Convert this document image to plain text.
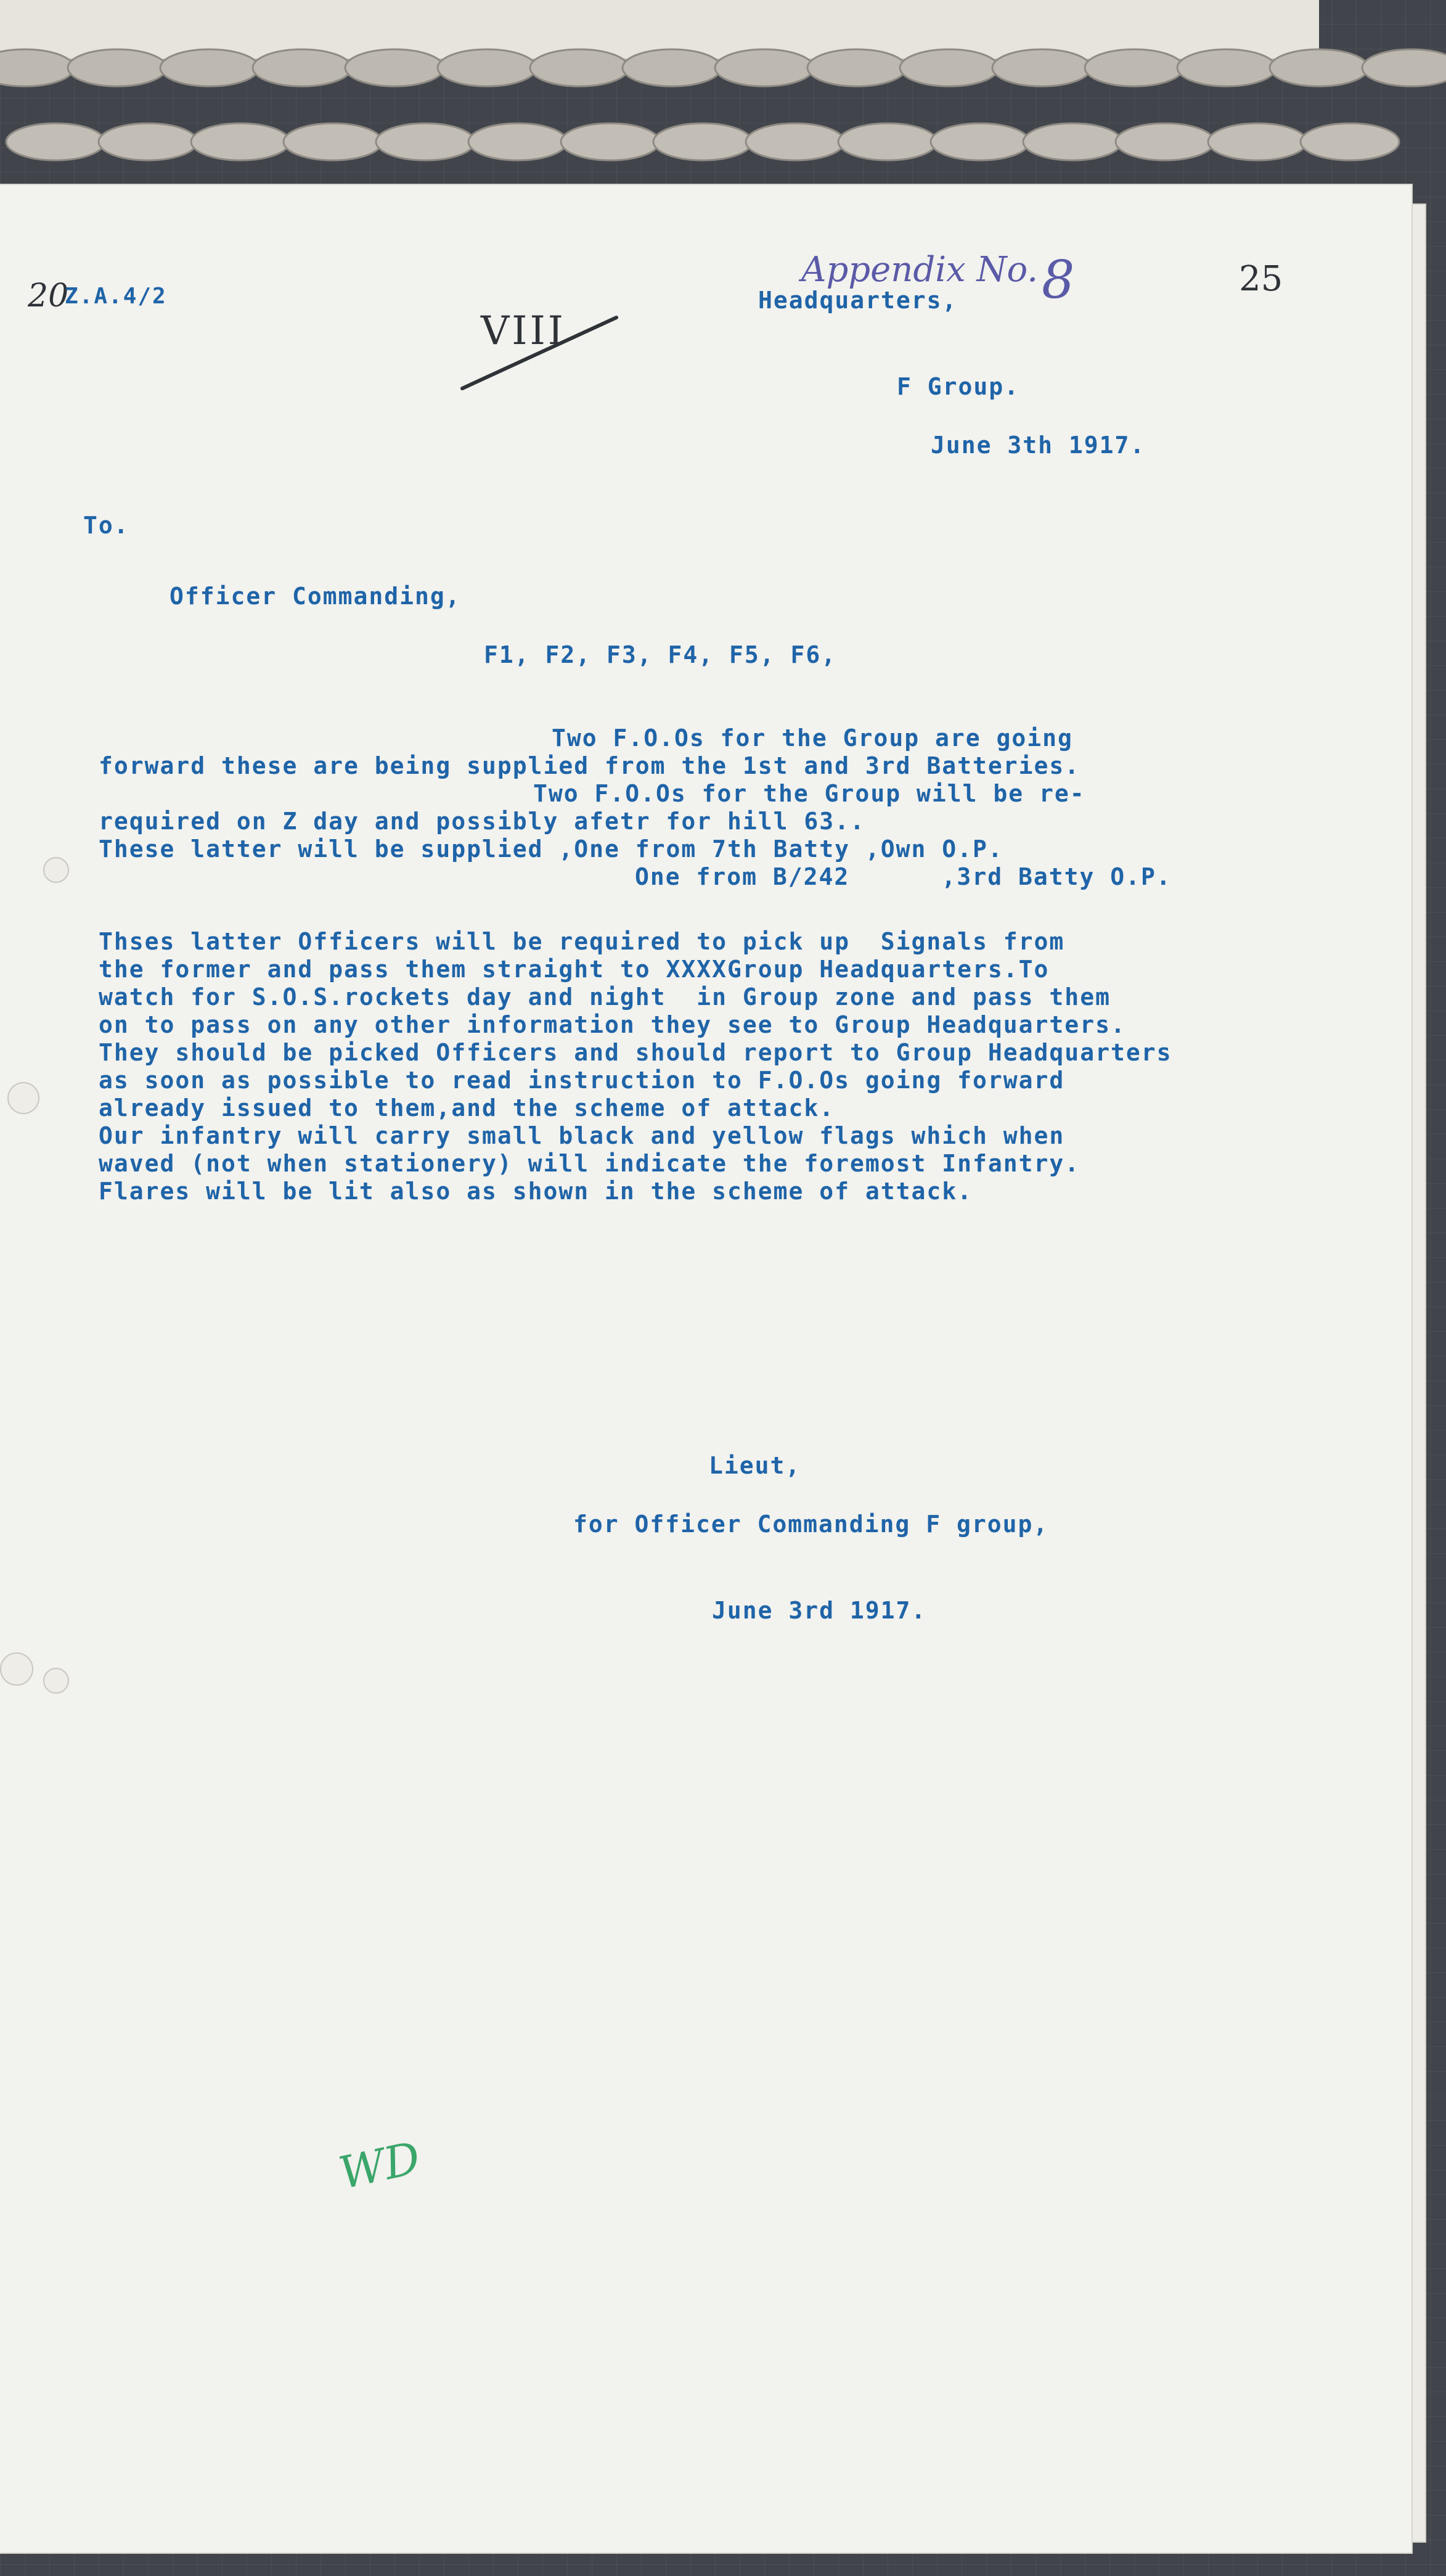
20
Z.A.4/2
VIII
Appendix No. 8	25
Headquarters,
F Group.
June 3th 1917.
To.
Officer Commanding,
F1, F2, F3, F4, F5, F6,
Two F.O.Os for the Group are going
forward these are being supplied from the 1st and 3rd Batteries.
Two F.O.Os for the Group will be re-
required on Z day and possibly afetr for hill 63..
These latter will be supplied ,One from 7th Batty ,Own O.P.
One from B/242      ,3rd Batty O.P.
Thses latter Officers will be required to pick up  Signals from
the former and pass them straight to XXXXGroup Headquarters.To
watch for S.O.S.rockets day and night  in Group zone and pass them
on to pass on any other information they see to Group Headquarters.
They should be picked Officers and should report to Group Headquarters
as soon as possible to read instruction to F.O.Os going forward
already issued to them,and the scheme of attack.
Our infantry will carry small black and yellow flags which when
waved (not when stationery) will indicate the foremost Infantry.
Flares will be lit also as shown in the scheme of attack.
Lieut,
for Officer Commanding F group,
June 3rd 1917.
WD
